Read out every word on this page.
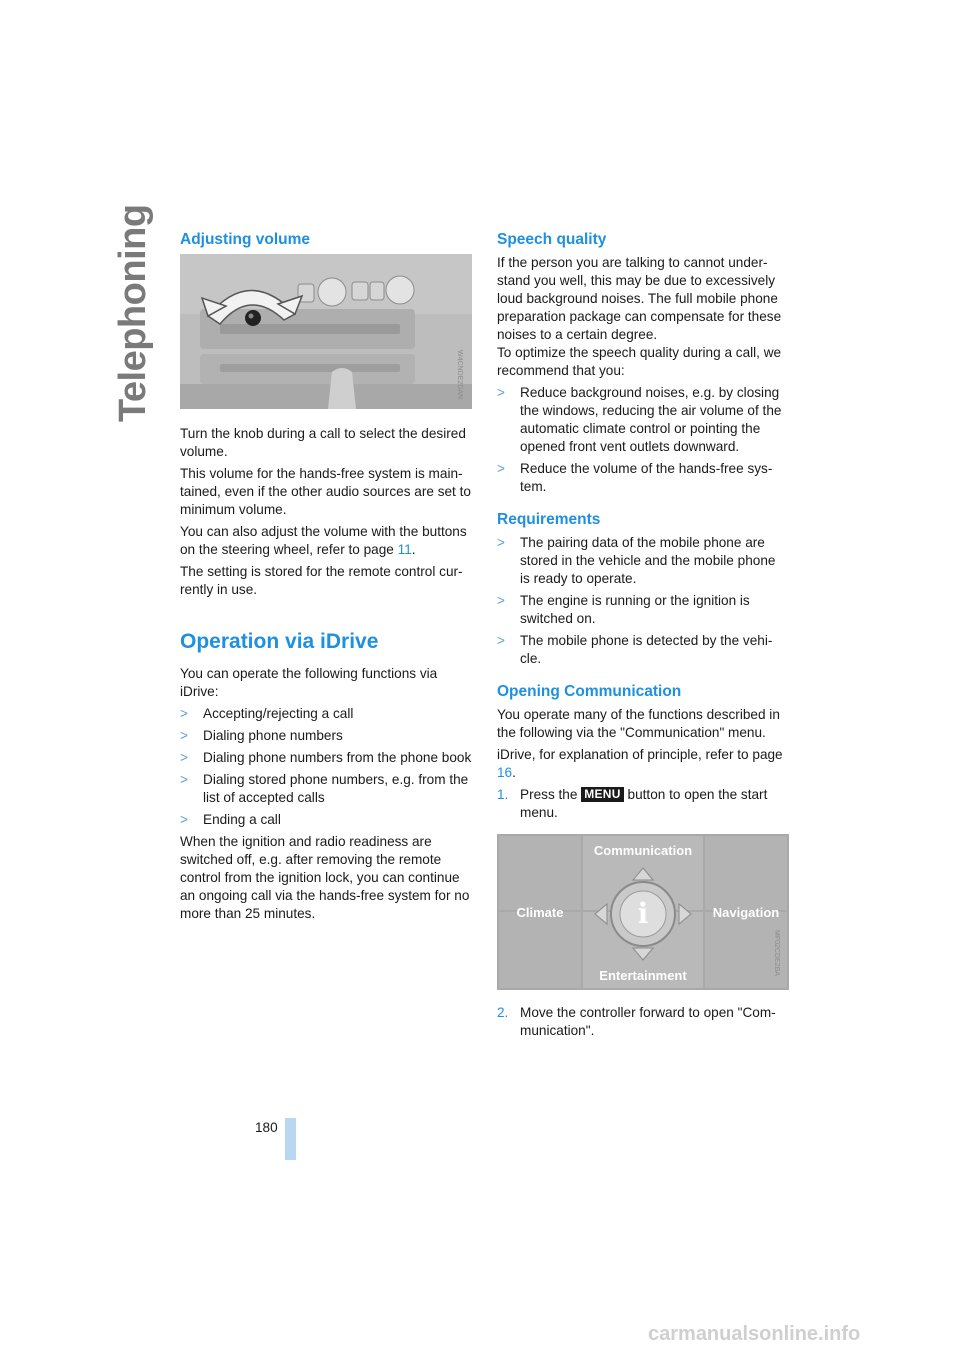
Telephoning Adjusting volume
W4CNDE2DAN

Turn the knob during a call to select the desired volume.

This volume for the hands-free system is main-tained, even if the other audio sources are set to minimum volume.

You can also adjust the volume with the buttons on the steering wheel, refer to page 11.

The setting is stored for the remote control cur-rently in use.

Operation via iDrive

You can operate the following functions via iDrive:

>	Accepting/rejecting a call
>	Dialing phone numbers
>	Dialing phone numbers from the phone book
>	Dialing stored phone numbers, e.g. from the list of accepted calls
>	Ending a call

When the ignition and radio readiness are switched off, e.g. after removing the remote control from the ignition lock, you can continue an ongoing call via the hands-free system for no more than 25 minutes.

Speech quality

If the person you are talking to cannot under-stand you well, this may be due to excessively loud background noises. The full mobile phone preparation package can compensate for these noises to a certain degree.

To optimize the speech quality during a call, we recommend that you:

>	Reduce background noises, e.g. by closing the windows, reducing the air volume of the automatic climate control or pointing the opened front vent outlets downward.
>	Reduce the volume of the hands-free sys-tem.
Requirements
>	The pairing data of the mobile phone are stored in the vehicle and the mobile phone is ready to operate.
>	The engine is running or the ignition is switched on.
>	The mobile phone is detected by the vehi-cle.
Opening Communication

You operate many of the functions described in the following via the "Communication" menu.

iDrive, for explanation of principle, refer to page 16.

1. Press the MENU button to open the start menu.
Communication
Climate	Navigation
Entertainment
i
MF02CDE2BA
2. Move the controller forward to open "Com-munication".
180
carmanualsonline.info
